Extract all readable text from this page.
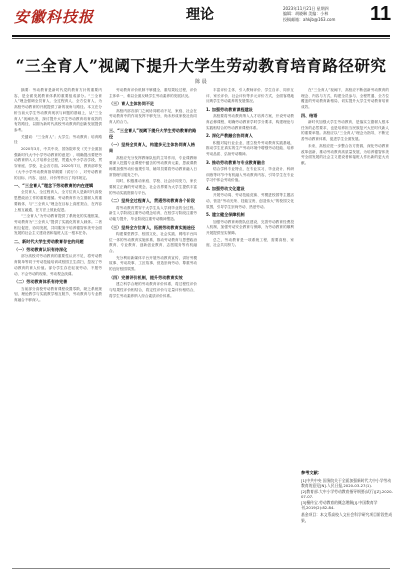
安徽科技报	理论	2023年11月21日 星期四
编辑：胡晓琳 美编：小林
投稿邮箱：ahkjb@163.com 11
“三全育人”视阈下提升大学生劳动教育培育路径研究
陈 晨
摘要：劳动教育是新时代党的教育方针的重要内容，是全面发展教育体系的重要组成部分。“三全育人”理念强调全员育人、全过程育人、全方位育人，为高校劳动教育的开展提供了新的视角与路径。本文在分析当前大学生劳动教育现状与问题的基础上，从“三全育人”视阈出发，探讨提升大学生劳动教育培育成效的有效路径，以期为新时代高校劳动教育的创新发展提供参考。
关键词：“三全育人”；大学生；劳动教育；培育路径
2020年3月，中共中央、国务院印发《关于全面加强新时代大中小学劳动教育的意见》，明确提出要把劳动教育纳入人才培养全过程，贯通大中小学各学段，贯穿家庭、学校、社会各方面。2020年7月，教育部印发《大中小学劳动教育指导纲要（试行）》，对劳动教育的目标、内容、途径、评价等作出了具体规定。
一、“三全育人”理念下劳动教育的内在逻辑
全员育人、全过程育人、全方位育人是新时代高校思想政治工作的重要遵循。劳动教育作为立德树人的重要载体，与“三全育人”理念在目标上高度契合，在内容上相互融通，在方法上彼此促进。
“三全育人”为劳动教育提供了系统化的实施框架，劳动教育为“三全育人”提供了实践化的育人载体。二者相互促进、协同发展，共同服务于培养德智体美劳全面发展的社会主义建设者和接班人这一根本任务。
二、新时代大学生劳动教育存在的问题
（一）劳动教育认识有待深化
部分高校对劳动教育的重要性认识不足，将劳动教育简单等同于劳动技能培训或校园卫生清扫，忽视了劳动教育的育人价值。部分学生存在轻视劳动、不愿劳动、不会劳动的现象，劳动观念淡薄。
（二）劳动教育体系有待完善
当前部分高校劳动教育课程设置零散，缺乏系统规划，理论教学与实践教学相互脱节，劳动教育与专业教育融合不够深入。
劳动教育评价机制不够健全，重结果轻过程，评价主体单一，难以全面反映学生劳动素养的发展状况。
（三）育人主体协同不足
高校内部各部门之间协同联动不足，家庭、社会在劳动教育中的作用发挥不够充分，尚未形成家校社协同育人的合力。
三、“三全育人”视阈下提升大学生劳动教育的路径
（一）坚持全员育人，构建多元主体协同育人格局
高校应充分发挥教师队伍的主导作用，专业课教师要深入挖掘专业课程中蕴含的劳动教育元素，思政课教师要加强劳动价值观引导，辅导员要将劳动教育融入日常管理与服务之中。
同时，积极推动家庭、学校、社会协同发力，家长要树立正确的劳动观念，社会各界要为大学生提供丰富的劳动实践资源与平台。
（二）坚持全过程育人，贯通劳动教育各个阶段
将劳动教育贯穿于大学生从入学到毕业的全过程。新生入学阶段注重劳动观念培育，在校学习阶段注重劳动能力提升，毕业阶段注重劳动精神塑造。
（三）坚持全方位育人，拓展劳动教育实施途径
构建课堂教学、校园文化、社会实践、网络平台四位一体的劳动教育实施体系，推动劳动教育与思想政治教育、专业教育、创新创业教育、志愿服务等有机融合。
充分利用新媒体平台开展劳动教育宣传，讲好劳模故事、劳动故事、工匠故事，营造崇尚劳动、尊重劳动的良好校园氛围。
（四）完善评价机制，提升劳动教育实效
建立科学合理的劳动教育评价体系，将过程性评价与结果性评价相结合，将定性评价与定量评价相结合，将学生劳动素养纳入综合素质评价体系。
丰富评价主体，引入教师评价、学生自评、同伴互评、家长评价、社会评价等多元评价方式，全面客观地反映学生劳动素养的发展情况。
1. 加强劳动教育课程建设
高校要将劳动教育纳入人才培养方案，开设劳动教育必修课程，明确劳动教育学时学分要求，构建理论与实践相结合的劳动教育课程体系。
2. 深化产教融合协同育人
积极对接行业企业，建立校外劳动教育实践基地，推动学生在真实的生产劳动环境中增强劳动技能、培养劳动品质、弘扬劳动精神。
3. 推动劳动教育与专业教育融合
结合学科专业特点，在专业实习、毕业设计、科研训练等环节中有机融入劳动教育内容，引导学生在专业学习中体会劳动价值。
4. 加强劳动文化建设
开展劳动周、劳动技能竞赛、劳模进校园等主题活动，营造“劳动光荣、技能宝贵、创造伟大”的校园文化氛围，引导学生崇尚劳动、热爱劳动。
5. 建立健全保障机制
加强劳动教育师资队伍建设，完善劳动教育经费投入机制，加强劳动安全教育与保障，为劳动教育的顺利开展提供坚实保障。
总之，劳动教育是一项系统工程，需要高校、家庭、社会共同努力。
在“三全育人”视阈下，高校应不断创新劳动教育的理念、内容与方式，构建全员参与、全程贯通、全方位覆盖的劳动教育新格局，切实提升大学生劳动教育培育成效。
四、结语
新时代加强大学生劳动教育，是落实立德树人根本任务的必然要求，也是培养担当民族复兴大任时代新人的重要举措。高校应以“三全育人”理念为指导，不断完善劳动教育体系，促进学生全面发展。
未来，高校应进一步整合各方资源，深化劳动教育改革创新，推动劳动教育高质量发展，为培养德智体美劳全面发展的社会主义建设者和接班人作出新的更大贡献。
参考文献：
[1]中共中央 国务院关于全面加强新时代大中小学劳动教育的意见[N].人民日报,2020-03-27(1).
[2]教育部.大中小学劳动教育指导纲要(试行)[Z].2020-07-07.
[3]檀传宝.劳动教育的概念理解[J].中国教育学刊,2019(2):82-84.
基金项目：本文系高校人文社会科学研究项目阶段性成果。
